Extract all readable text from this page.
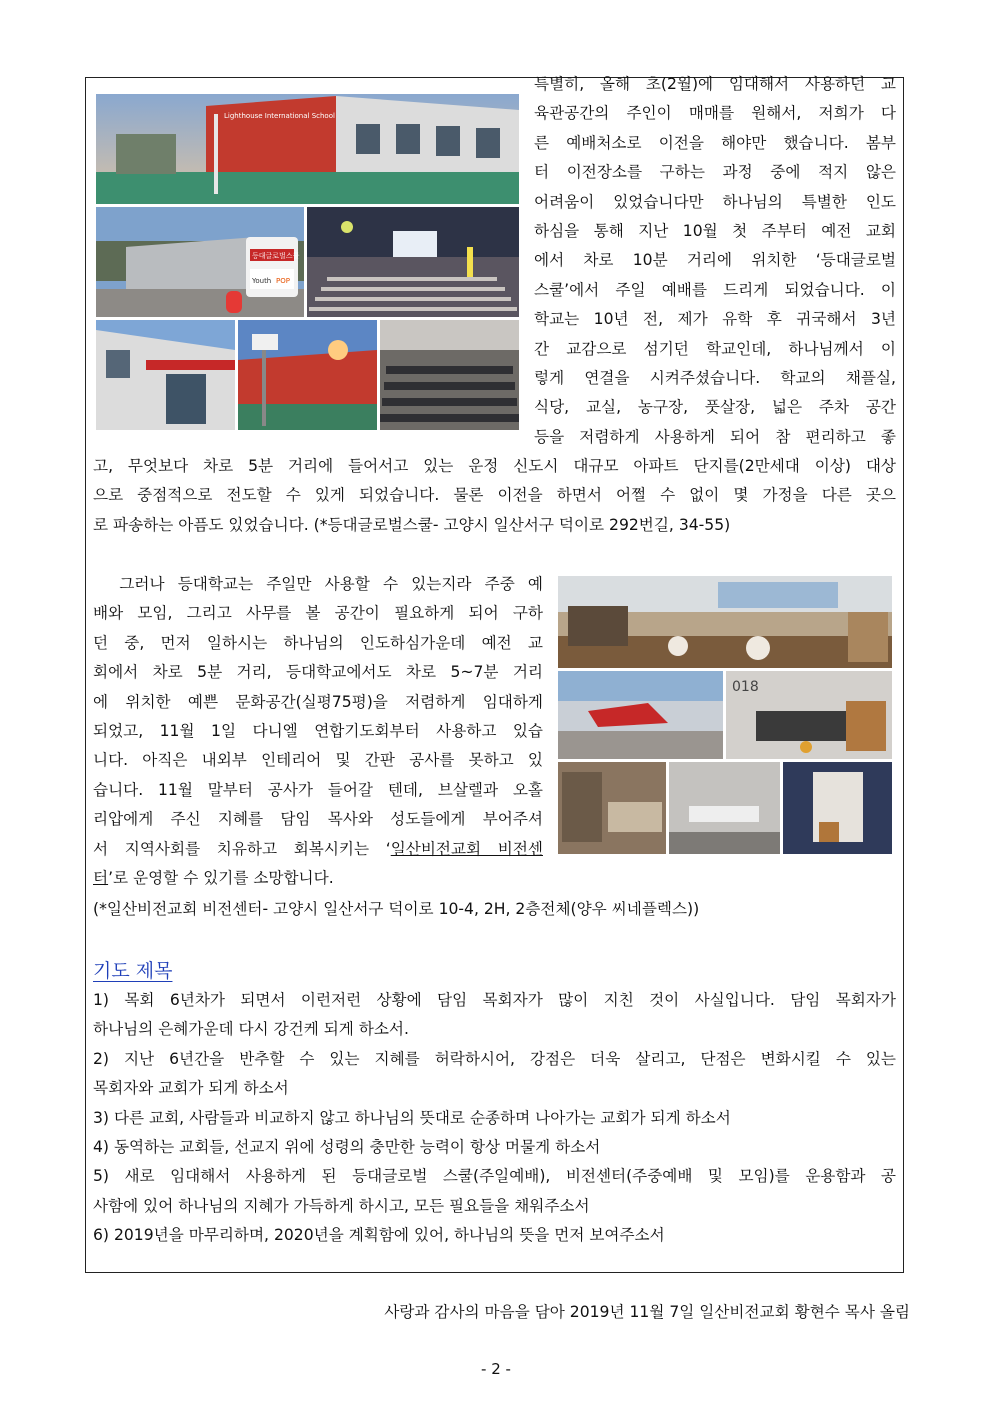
Lighthouse International School
등대글로벌스쿨
Youth POP
특별히, 올해 초(2월)에 임대해서 사용하던 교
육관공간의 주인이 매매를 원해서, 저희가 다
른 예배처소로 이전을 해야만 했습니다. 봄부
터 이전장소를 구하는 과정 중에 적지 않은
어려움이 있었습니다만 하나님의 특별한 인도
하심을 통해 지난 10월 첫 주부터 예전 교회
에서 차로 10분 거리에 위치한 ‘등대글로벌
스쿨’에서 주일 예배를 드리게 되었습니다. 이
학교는 10년 전, 제가 유학 후 귀국해서 3년
간 교감으로 섬기던 학교인데, 하나님께서 이
렇게 연결을 시켜주셨습니다. 학교의 채플실,
식당, 교실, 농구장, 풋살장, 넓은 주차 공간
등을 저렴하게 사용하게 되어 참 편리하고 좋
고, 무엇보다 차로 5분 거리에 들어서고 있는 운정 신도시 대규모 아파트 단지를(2만세대 이상) 대상
으로 중점적으로 전도할 수 있게 되었습니다. 물론 이전을 하면서 어쩔 수 없이 몇 가정을 다른 곳으
로 파송하는 아픔도 있었습니다. (*등대글로벌스쿨- 고양시 일산서구 덕이로 292번길, 34-55)
그러나 등대학교는 주일만 사용할 수 있는지라 주중 예
배와 모임, 그리고 사무를 볼 공간이 필요하게 되어 구하
던 중, 먼저 일하시는 하나님의 인도하심가운데 예전 교
회에서 차로 5분 거리, 등대학교에서도 차로 5~7분 거리
에 위치한 예쁜 문화공간(실평75평)을 저렴하게 임대하게
되었고, 11월 1일 다니엘 연합기도회부터 사용하고 있습
니다. 아직은 내외부 인테리어 및 간판 공사를 못하고 있
습니다. 11월 말부터 공사가 들어갈 텐데, 브살렐과 오홀
리압에게 주신 지혜를 담임 목사와 성도들에게 부어주셔
서 지역사회를 치유하고 회복시키는 ‘일산비전교회 비전센
터’로 운영할 수 있기를 소망합니다.
018
(*일산비전교회 비전센터- 고양시 일산서구 덕이로 10-4, 2H, 2층전체(양우 씨네플렉스))
기도 제목
1) 목회 6년차가 되면서 이런저런 상황에 담임 목회자가 많이 지친 것이 사실입니다. 담임 목회자가
하나님의 은혜가운데 다시 강건케 되게 하소서.
2) 지난 6년간을 반추할 수 있는 지혜를 허락하시어, 강점은 더욱 살리고, 단점은 변화시킬 수 있는
목회자와 교회가 되게 하소서
3) 다른 교회, 사람들과 비교하지 않고 하나님의 뜻대로 순종하며 나아가는 교회가 되게 하소서
4) 동역하는 교회들, 선교지 위에 성령의 충만한 능력이 항상 머물게 하소서
5) 새로 임대해서 사용하게 된 등대글로벌 스쿨(주일예배), 비전센터(주중예배 및 모임)를 운용함과 공
사함에 있어 하나님의 지혜가 가득하게 하시고, 모든 필요들을 채워주소서
6) 2019년을 마무리하며, 2020년을 계획함에 있어, 하나님의 뜻을 먼저 보여주소서
사랑과 감사의 마음을 담아 2019년 11월 7일 일산비전교회 황현수 목사 올림
- 2 -
